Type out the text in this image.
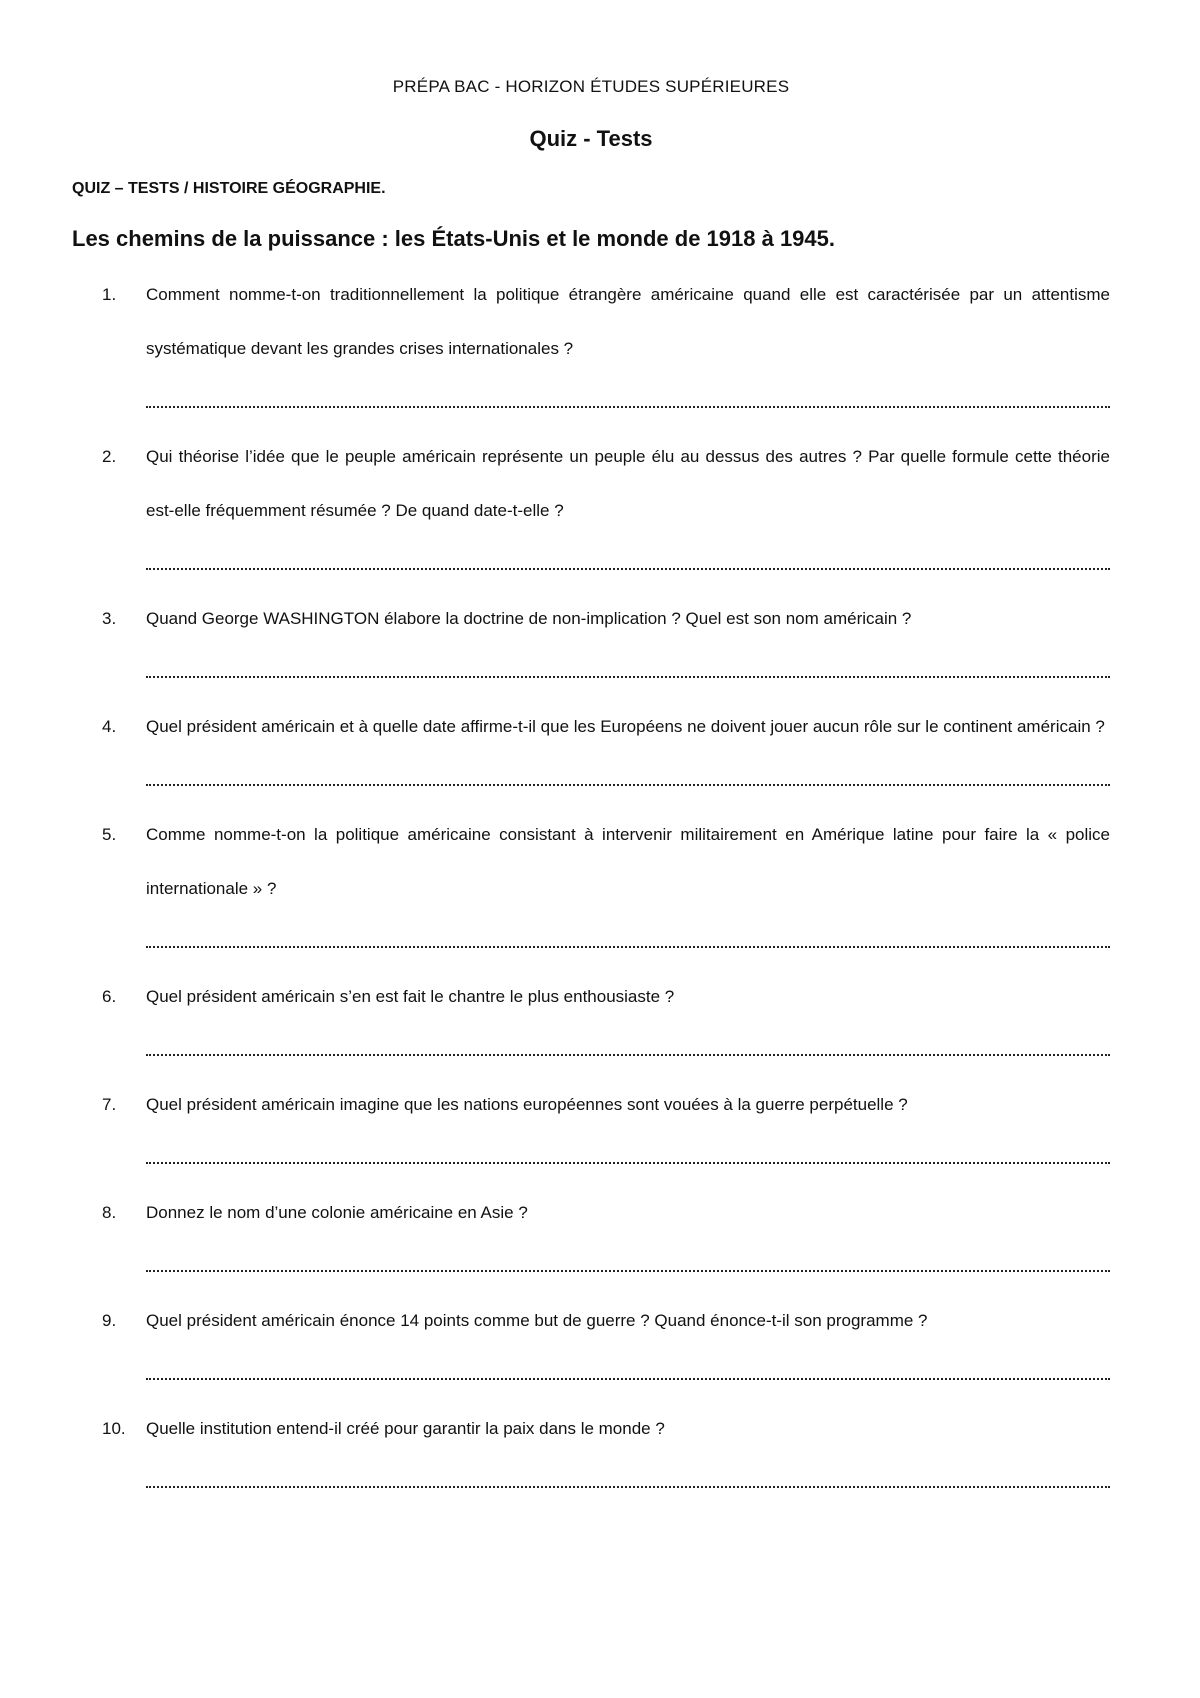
PRÉPA BAC - HORIZON ÉTUDES SUPÉRIEURES
Quiz - Tests
QUIZ – TESTS / HISTOIRE GÉOGRAPHIE.
Les chemins de la puissance : les États-Unis et le monde de 1918 à 1945.
1.	Comment nomme-t-on traditionnellement la politique étrangère américaine quand elle est caractérisée par un attentisme systématique devant les grandes crises internationales ?
2.	Qui théorise l’idée que le peuple américain représente un peuple élu au dessus des autres ? Par quelle formule cette théorie est-elle fréquemment résumée ? De quand date-t-elle ?
3.	Quand George WASHINGTON élabore la doctrine de non-implication ? Quel est son nom américain ?
4.	Quel président américain et à quelle date affirme-t-il que les Européens ne doivent jouer aucun rôle sur le continent américain ?
5.	Comme nomme-t-on la politique américaine consistant à intervenir militairement en Amérique latine pour faire la « police internationale » ?
6.	Quel président américain s’en est fait le chantre le plus enthousiaste ?
7.	Quel président américain imagine que les nations européennes sont vouées à la guerre perpétuelle ?
8.	Donnez le nom d’une colonie américaine en Asie ?
9.	Quel président américain énonce 14 points comme but de guerre ? Quand énonce-t-il son programme ?
10.	Quelle institution entend-il créé pour garantir la paix dans le monde ?
